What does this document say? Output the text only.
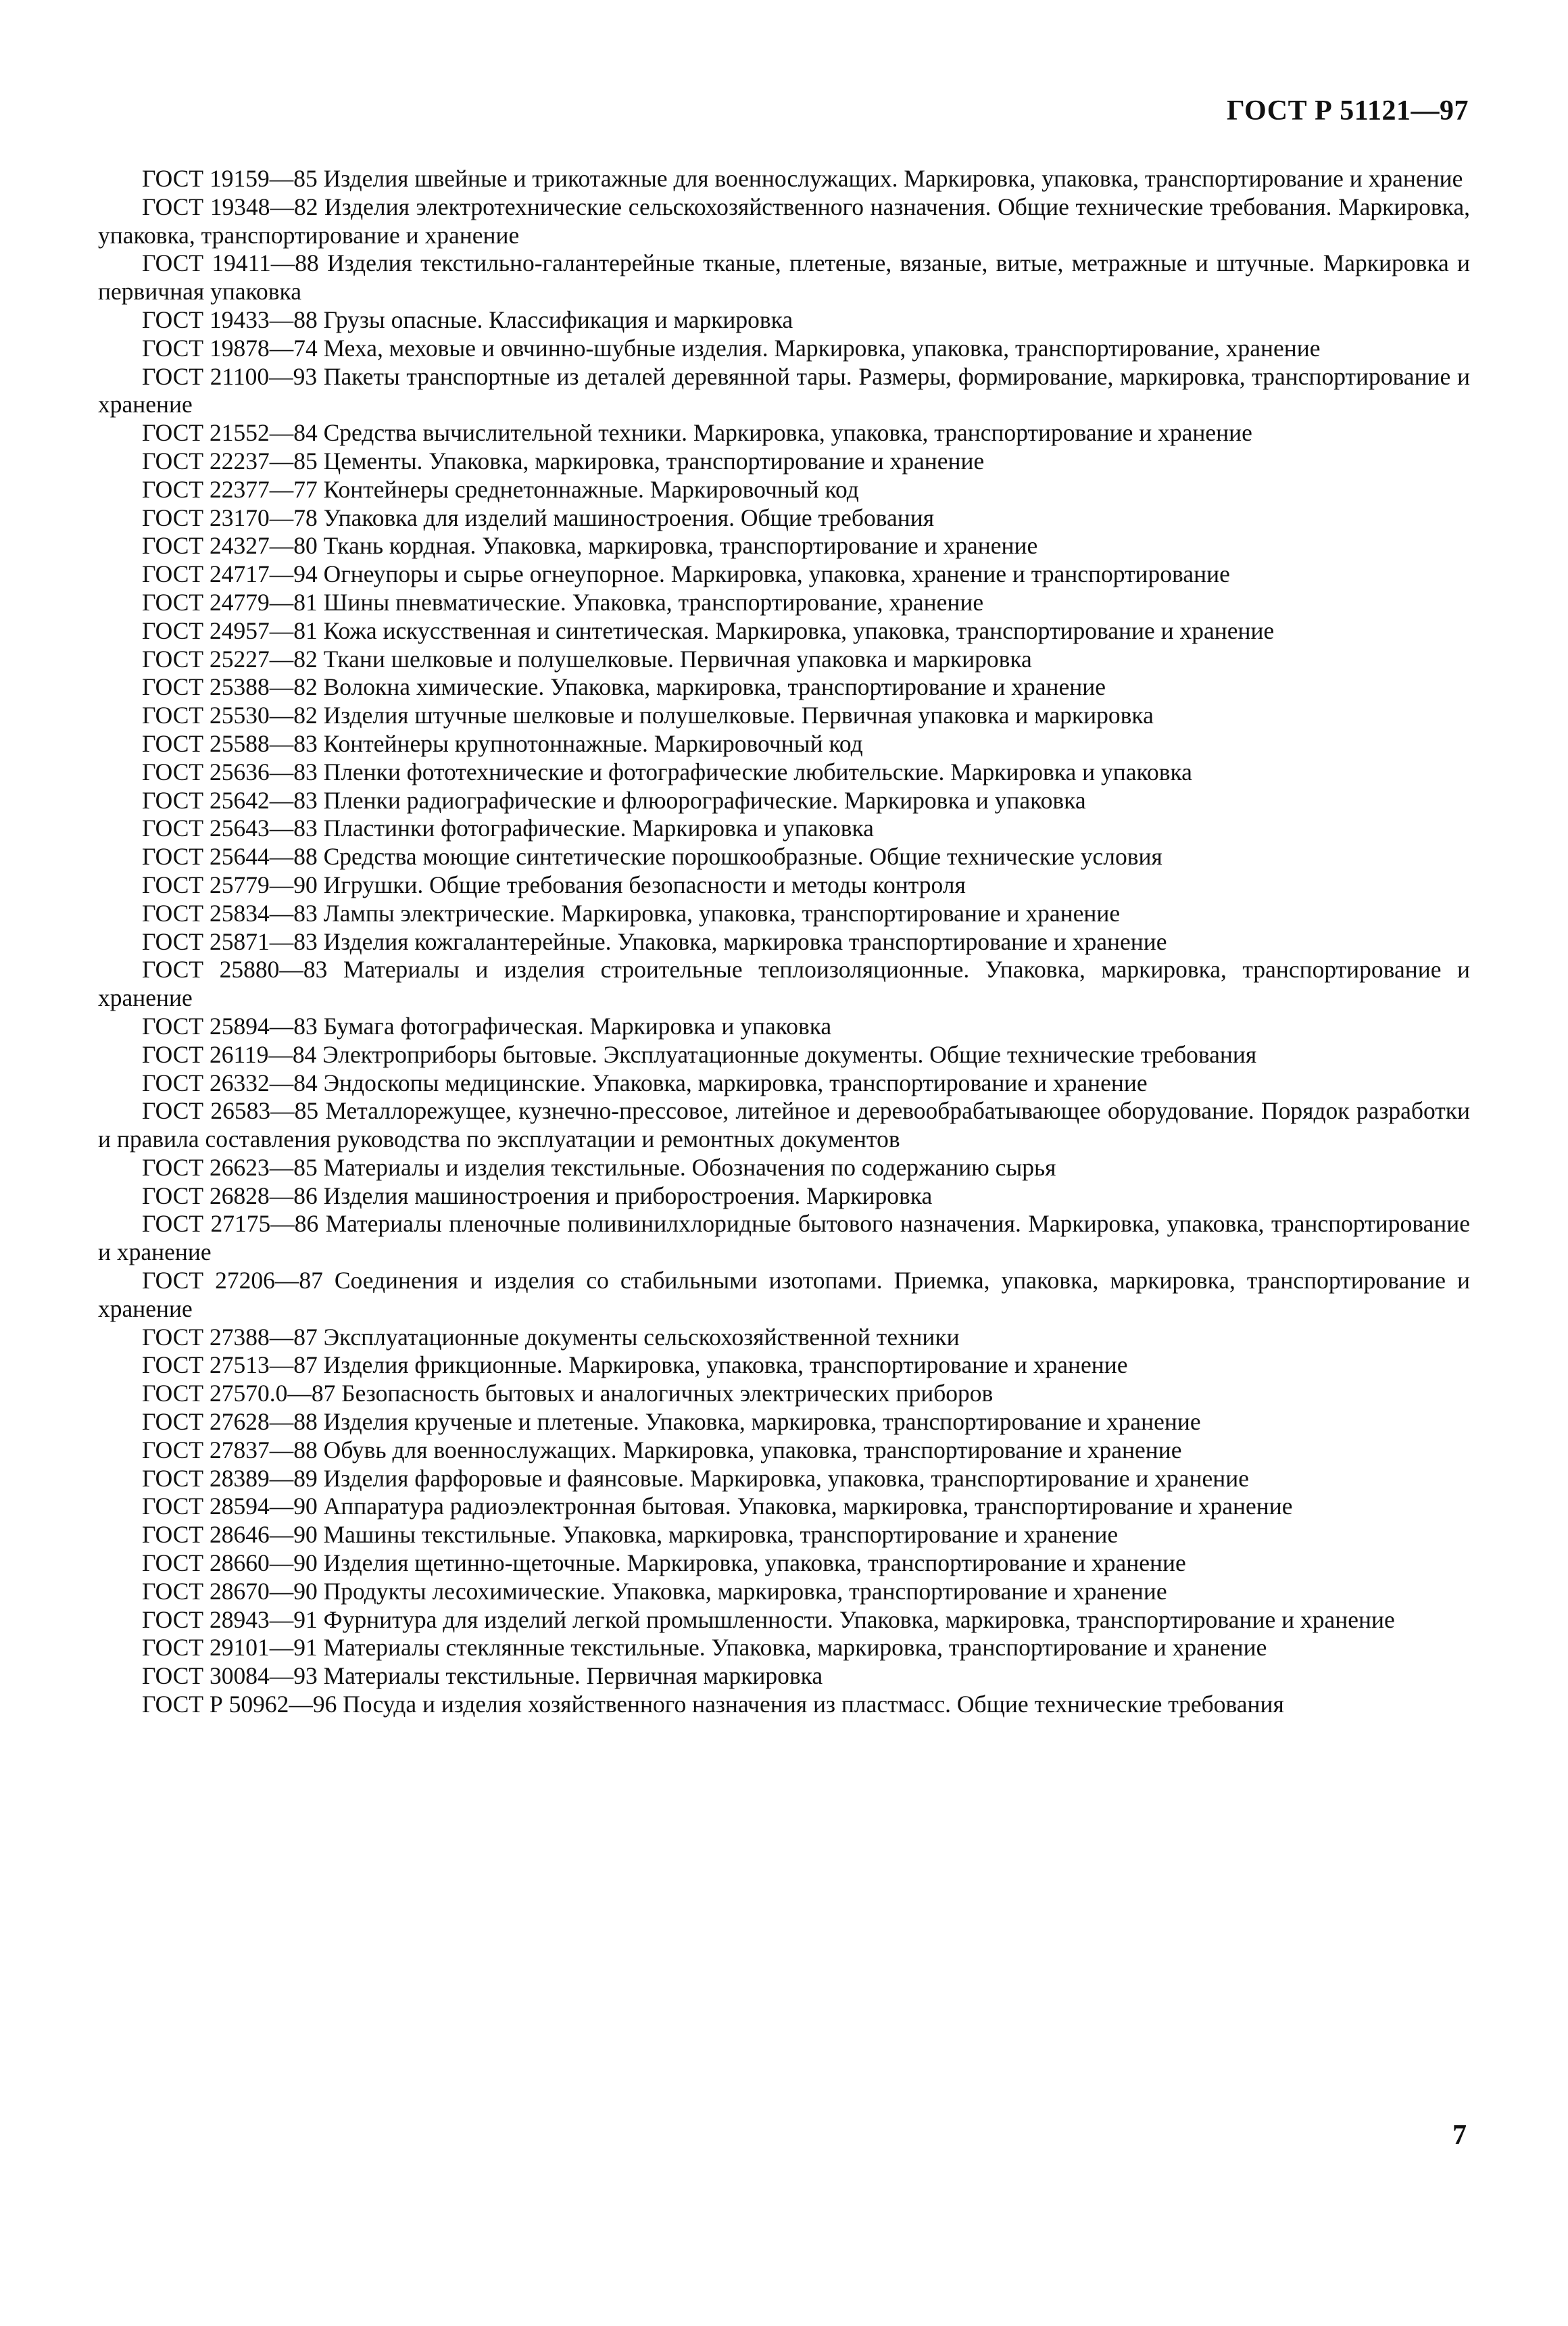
ГОСТ Р 51121—97

ГОСТ 19159—85 Изделия швейные и трикотажные для военнослужащих. Маркировка, упаковка, транспортирование и хранение

ГОСТ 19348—82 Изделия электротехнические сельскохозяйственного назначения. Общие технические требования. Маркировка, упаковка, транспортирование и хранение

ГОСТ 19411—88 Изделия текстильно-галантерейные тканые, плетеные, вязаные, витые, метражные и штучные. Маркировка и первичная упаковка

ГОСТ 19433—88 Грузы опасные. Классификация и маркировка

ГОСТ 19878—74 Меха, меховые и овчинно-шубные изделия. Маркировка, упаковка, транспортирование, хранение

ГОСТ 21100—93 Пакеты транспортные из деталей деревянной тары. Размеры, формирование, маркировка, транспортирование и хранение

ГОСТ 21552—84 Средства вычислительной техники. Маркировка, упаковка, транспортирование и хранение

ГОСТ 22237—85 Цементы. Упаковка, маркировка, транспортирование и хранение

ГОСТ 22377—77 Контейнеры среднетоннажные. Маркировочный код

ГОСТ 23170—78 Упаковка для изделий машиностроения. Общие требования

ГОСТ 24327—80 Ткань кордная. Упаковка, маркировка, транспортирование и хранение

ГОСТ 24717—94 Огнеупоры и сырье огнеупорное. Маркировка, упаковка, хранение и транспортирование

ГОСТ 24779—81 Шины пневматические. Упаковка, транспортирование, хранение

ГОСТ 24957—81 Кожа искусственная и синтетическая. Маркировка, упаковка, транспортирование и хранение

ГОСТ 25227—82 Ткани шелковые и полушелковые. Первичная упаковка и маркировка

ГОСТ 25388—82 Волокна химические. Упаковка, маркировка, транспортирование и хранение

ГОСТ 25530—82 Изделия штучные шелковые и полушелковые. Первичная упаковка и маркировка

ГОСТ 25588—83 Контейнеры крупнотоннажные. Маркировочный код

ГОСТ 25636—83 Пленки фототехнические и фотографические любительские. Маркировка и упаковка

ГОСТ 25642—83 Пленки радиографические и флюорографические. Маркировка и упаковка

ГОСТ 25643—83 Пластинки фотографические. Маркировка и упаковка

ГОСТ 25644—88 Средства моющие синтетические порошкообразные. Общие технические условия

ГОСТ 25779—90 Игрушки. Общие требования безопасности и методы контроля

ГОСТ 25834—83 Лампы электрические. Маркировка, упаковка, транспортирование и хранение

ГОСТ 25871—83 Изделия кожгалантерейные. Упаковка, маркировка транспортирование и хранение

ГОСТ 25880—83 Материалы и изделия строительные теплоизоляционные. Упаковка, маркировка, транспортирование и хранение

ГОСТ 25894—83 Бумага фотографическая. Маркировка и упаковка

ГОСТ 26119—84 Электроприборы бытовые. Эксплуатационные документы. Общие технические требования

ГОСТ 26332—84 Эндоскопы медицинские. Упаковка, маркировка, транспортирование и хранение

ГОСТ 26583—85 Металлорежущее, кузнечно-прессовое, литейное и деревообрабатывающее оборудование. Порядок разработки и правила составления руководства по эксплуатации и ремонтных документов

ГОСТ 26623—85 Материалы и изделия текстильные. Обозначения по содержанию сырья

ГОСТ 26828—86 Изделия машиностроения и приборостроения. Маркировка

ГОСТ 27175—86 Материалы пленочные поливинилхлоридные бытового назначения. Маркировка, упаковка, транспортирование и хранение

ГОСТ 27206—87 Соединения и изделия со стабильными изотопами. Приемка, упаковка, маркировка, транспортирование и хранение

ГОСТ 27388—87 Эксплуатационные документы сельскохозяйственной техники

ГОСТ 27513—87 Изделия фрикционные. Маркировка, упаковка, транспортирование и хранение

ГОСТ 27570.0—87 Безопасность бытовых и аналогичных электрических приборов

ГОСТ 27628—88 Изделия крученые и плетеные. Упаковка, маркировка, транспортирование и хранение

ГОСТ 27837—88 Обувь для военнослужащих. Маркировка, упаковка, транспортирование и хранение

ГОСТ 28389—89 Изделия фарфоровые и фаянсовые. Маркировка, упаковка, транспортирование и хранение

ГОСТ 28594—90 Аппаратура радиоэлектронная бытовая. Упаковка, маркировка, транспортирование и хранение

ГОСТ 28646—90 Машины текстильные. Упаковка, маркировка, транспортирование и хранение

ГОСТ 28660—90 Изделия щетинно-щеточные. Маркировка, упаковка, транспортирование и хранение

ГОСТ 28670—90 Продукты лесохимические. Упаковка, маркировка, транспортирование и хранение

ГОСТ 28943—91 Фурнитура для изделий легкой промышленности. Упаковка, маркировка, транспортирование и хранение

ГОСТ 29101—91 Материалы стеклянные текстильные. Упаковка, маркировка, транспортирование и хранение

ГОСТ 30084—93 Материалы текстильные. Первичная маркировка

ГОСТ Р 50962—96 Посуда и изделия хозяйственного назначения из пластмасс. Общие технические требования

7
